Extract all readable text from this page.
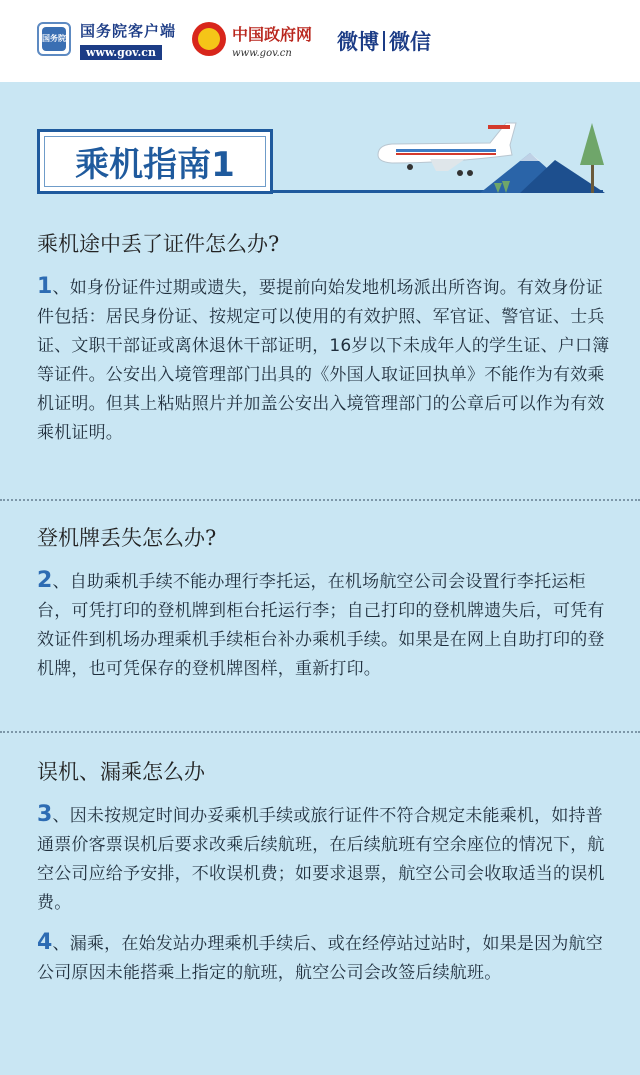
国务院 国务院客户端
www.gov.cn
中国政府网
www.gov.cn	微博 微信
乘机指南1
乘机途中丢了证件怎么办?

1、如身份证件过期或遗失，要提前向始发地机场派出所咨询。有效身份证件包括：居民身份证、按规定可以使用的有效护照、军官证、警官证、士兵证、文职干部证或离休退休干部证明，16岁以下未成年人的学生证、户口簿等证件。公安出入境管理部门出具的《外国人取证回执单》不能作为有效乘机证明。但其上粘贴照片并加盖公安出入境管理部门的公章后可以作为有效乘机证明。

登机牌丢失怎么办?

2、自助乘机手续不能办理行李托运，在机场航空公司会设置行李托运柜台，可凭打印的登机牌到柜台托运行李；自己打印的登机牌遗失后，可凭有效证件到机场办理乘机手续柜台补办乘机手续。如果是在网上自助打印的登机牌，也可凭保存的登机牌图样，重新打印。

误机、漏乘怎么办

3、因未按规定时间办妥乘机手续或旅行证件不符合规定未能乘机，如持普通票价客票误机后要求改乘后续航班，在后续航班有空余座位的情况下，航空公司应给予安排，不收误机费；如要求退票，航空公司会收取适当的误机费。

4、漏乘，在始发站办理乘机手续后、或在经停站过站时，如果是因为航空公司原因未能搭乘上指定的航班，航空公司会改签后续航班。
